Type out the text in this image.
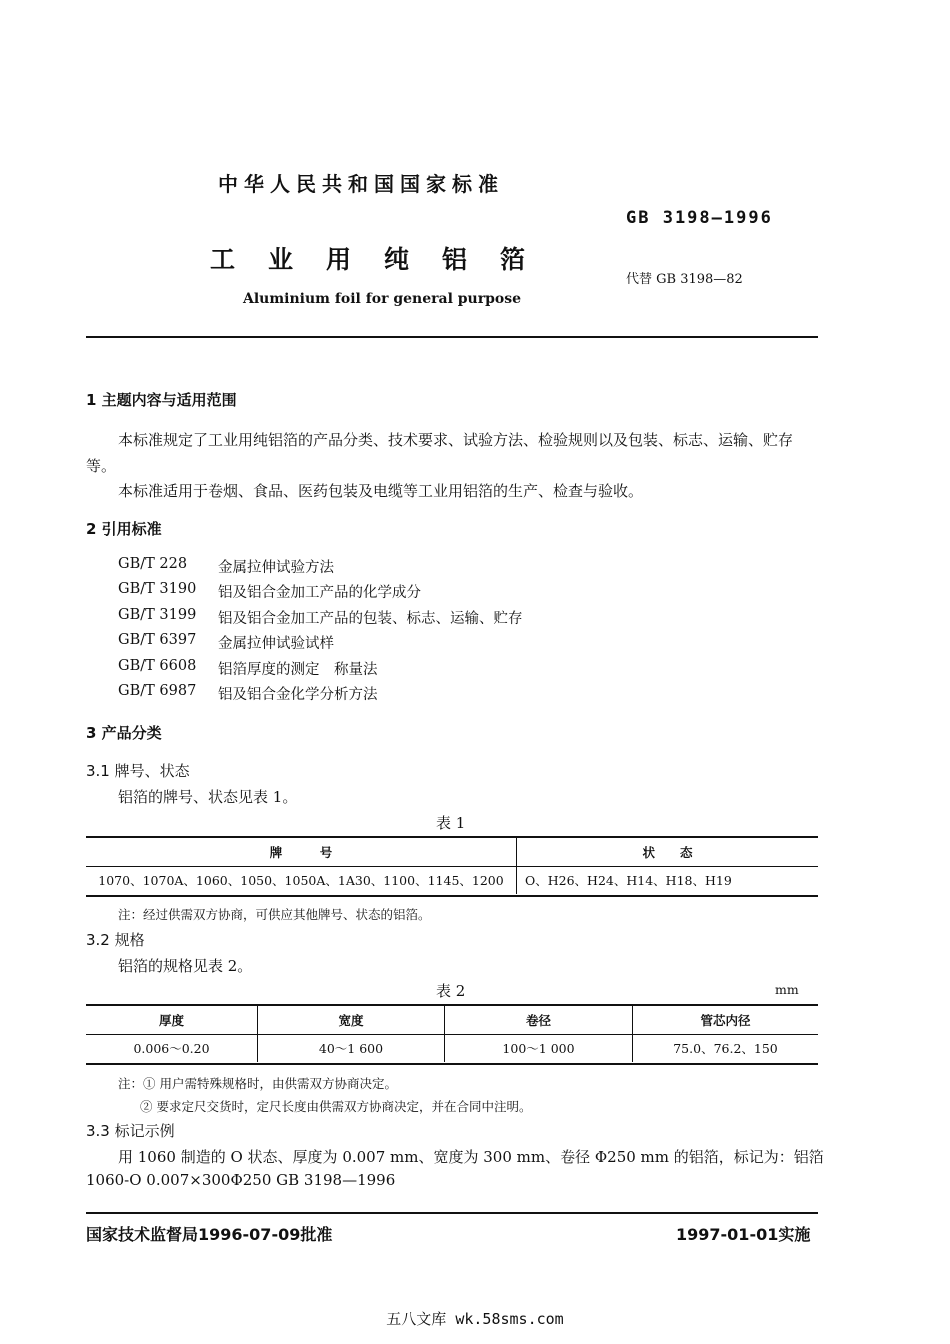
中华人民共和国国家标准
GB 3198—1996
工业用纯铝箔
代替 GB 3198—82
Aluminium foil for general purpose
1 主题内容与适用范围
本标准规定了工业用纯铝箔的产品分类、技术要求、试验方法、检验规则以及包装、标志、运输、贮存
等。
本标准适用于卷烟、食品、医药包装及电缆等工业用铝箔的生产、检查与验收。
2 引用标准
GB/T 228 金属拉伸试验方法
GB/T 3190 铝及铝合金加工产品的化学成分
GB/T 3199 铝及铝合金加工产品的包装、标志、运输、贮存
GB/T 6397 金属拉伸试验试样
GB/T 6608 铝箔厚度的测定　称量法
GB/T 6987 铝及铝合金化学分析方法
3 产品分类
3.1 牌号、状态
铝箔的牌号、状态见表 1。
表 1
牌　　　号	状　　态
1070、1070A、1060、1050、1050A、1A30、1100、1145、1200	O、H26、H24、H14、H18、H19
注：经过供需双方协商，可供应其他牌号、状态的铝箔。
3.2 规格
铝箔的规格见表 2。
表 2	mm
厚度	宽度	卷径	管芯内径
0.006～0.20	40～1 600	100～1 000	75.0、76.2、150
注：① 用户需特殊规格时，由供需双方协商决定。
② 要求定尺交货时，定尺长度由供需双方协商决定，并在合同中注明。
3.3 标记示例
用 1060 制造的 O 状态、厚度为 0.007 mm、宽度为 300 mm、卷径 Φ250 mm 的铝箔，标记为：铝箔
1060-O 0.007×300Φ250 GB 3198—1996
国家技术监督局1996-07-09批准	1997-01-01实施
五八文库 wk.58sms.com
